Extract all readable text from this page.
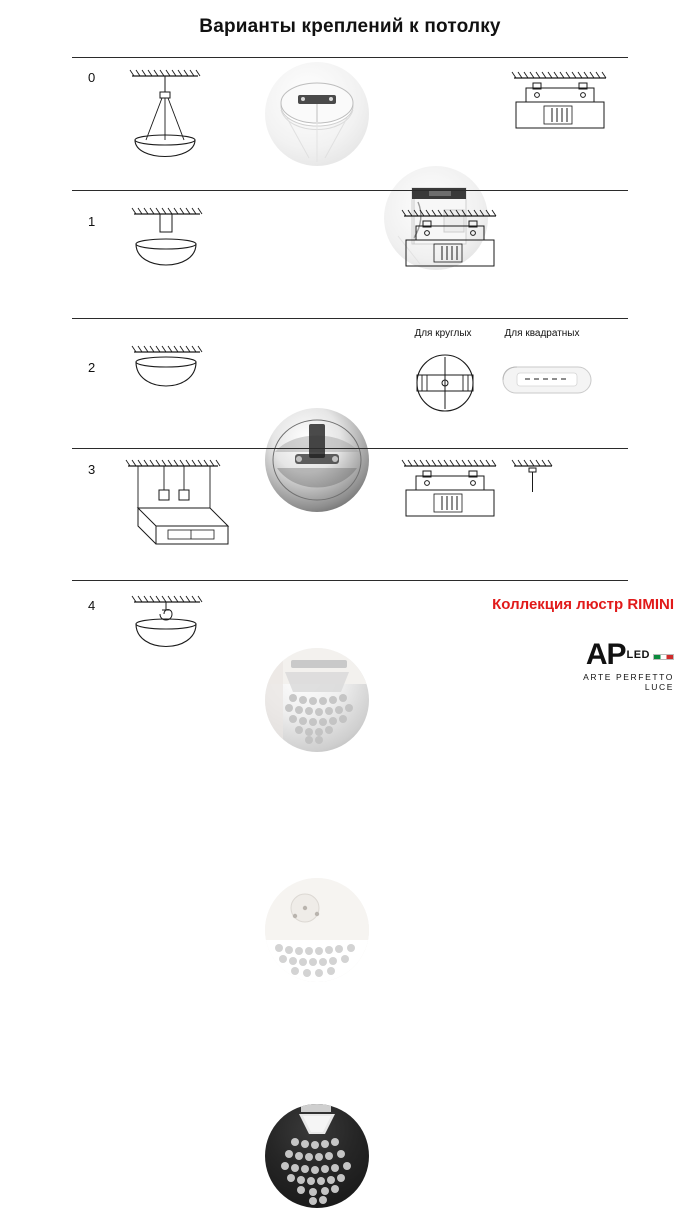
Варианты креплений к потолку
0
1
2
Для круглых	Для квадратных
3
4	Коллекция люстр RIMINI
APLED
ARTE PERFETTO LUCE
